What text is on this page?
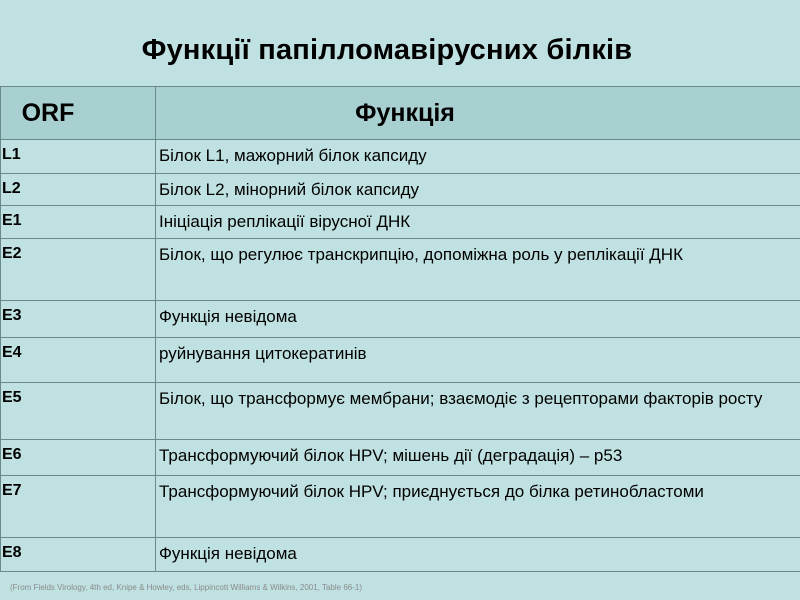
Функції папілломавірусних білків
ORF	Функція
L1	Білок L1, мажорний білок капсиду
L2	Білок L2, мінорний білок капсиду
E1	Ініціація реплікації вірусної ДНК
E2	Білок, що регулює транскрипцію, допоміжна роль у реплікації ДНК
E3	Функція невідома
E4	руйнування цитокератинів
E5	Білок, що трансформує мембрани; взаємодіє з рецепторами факторів росту
E6	Трансформуючий білок HPV; мішень дії (деградація) – p53
E7	Трансформуючий білок HPV; приєднується до білка ретинобластоми
E8	Функція невідома
(From Fields Virology, 4th ed, Knipe & Howley, eds, Lippincott Williams & Wilkins, 2001, Table 66-1)
